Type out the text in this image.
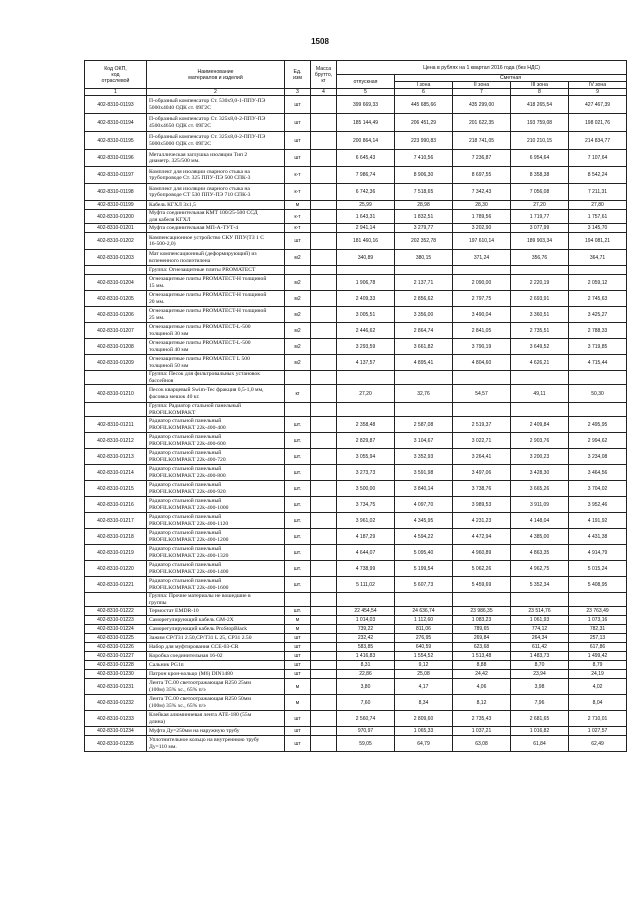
1508
Код ОКП,
код
отраслевой	Наименование
материалов и изделий	Ед.
изм	Масса
брутто,
кг	Цена в рублях на 1 квартал 2016 года (без НДС)				
				отпускная	Сметная			
					I зона	II зона	III зона	IV зона
1	2	3	4	5	6	7	8	9
402-8310-01193	П-образный компенсатор Ст. 530х9,0-1-ППУ-ПЭ
5000х4040 ОДК ст. 09Г2С	шт		399 669,33	445 685,66	435 299,00	418 265,54	427 467,39
402-8310-01194	П-образный компенсатор Ст. 325х8,0-2-ППУ-ПЭ
4500х4650 ОДК ст. 09Г2С	шт		185 144,49	206 451,29	201 622,35	193 759,08	198 021,76
402-8310-01195	П-образный компенсатор Ст. 325х8,0-2-ППУ-ПЭ
5000х5000 ОДК ст. 09Г2С	шт		200 864,14	223 990,83	218 741,05	210 210,15	214 834,77
402-8310-01196	Металлическая заглушка изоляции Тип 2
диаметр. 325/500 мм.	шт		6 645,43	7 410,56	7 236,87	6 954,64	7 107,64
402-8310-01197	Комплект для изоляции сварного стыка на
трубопроводе Ст. 325 ППУ-ПЭ 500 СПК-3	к-т		7 986,74	8 906,30	8 697,55	8 358,38	8 542,24
402-8310-01198	Комплект для изоляции сварного стыка на
трубопроводе СТ 530 ППУ-ПЭ 710 СПК-3	к-т		6 742,36	7 518,65	7 342,43	7 056,08	7 211,31
402-8310-01199	Кабель КГХЛ 3х1,5	м		25,99	28,98	28,30	27,20	27,80
402-8310-01200	Муфта соединительная КМТ 100/25-500 ССД
для кабеля КГХЛ	к-т		1 643,31	1 832,51	1 789,56	1 719,77	1 757,61
402-8310-01201	Муфта соединительная МП-А-ТУТ-4	к-т		2 941,14	3 279,77	3 202,90	3 077,99	3 145,70
402-8310-01202	Компенсационное устройство СКУ ППУ(ТЗ 1 С
16-500-2,0)	шт		181 460,16	202 352,78	197 610,14	189 903,34	194 081,21
402-8310-01203	Мат компенсационный (деформирующий) из
вспененного полиэтилена	м2		340,89	380,15	371,24	356,76	364,71
	Группа: Огнезащитные плиты PROMATECT							
402-8310-01204	Огнезащитные плиты PROMATECT-H толщиной
15 мм.	м2		1 906,78	2 137,71	2 090,00	2 220,19	2 059,12
402-8310-01205	Огнезащитные плиты PROMATECT-H толщиной
20 мм.	м2		2 409,33	2 856,62	2 797,75	2 693,91	2 745,63
402-8310-01206	Огнезащитные плиты PROMATECT-H толщиной
25 мм.	м2		3 005,51	3 356,00	3 490,04	3 360,51	3 425,27
402-8310-01207	Огнезащитные плиты PROMATECT-L-500
толщиной 30 мм	м2		2 446,62	2 864,74	2 841,05	2 735,51	2 788,33
402-8310-01208	Огнезащитные плиты PROMATECT-L-500
толщиной 40 мм	м2		3 293,59	3 661,82	3 790,19	3 649,52	3 719,85
402-8310-01209	Огнезащитные плиты PROMATECT L 500
толщиной 50 мм	м2		4 137,57	4 895,41	4 804,60	4 626,21	4 715,44
	Группа: Песок для фильтровальных установок
бассейнов							
402-8310-01210	Песок кварцевый Swim-Tec фракция 0,5-1,0 мм,
фасовка мешок 40 кг.	кг		27,20	32,76	54,57	49,11	50,30
	Группа: Радиатор стальной панельный
PROFILKOMPAKT							
402-8310-01211	Радиатор стальной панельный
PROFILKOMPAKT 22k-400-400	шт.		2 358,48	2 587,08	2 519,37	2 409,84	2 495,95
402-8310-01212	Радиатор стальной панельный
PROFILKOMPAKT 22k-400-600	шт.		2 829,87	3 104,67	3 022,71	2 903,76	2 994,62
402-8310-01213	Радиатор стальной панельный
PROFILKOMPAKT 22k-400-720	шт.		3 055,94	3 352,93	3 264,41	3 200,23	3 234,08
402-8310-01214	Радиатор стальной панельный
PROFILKOMPAKT 22k-400-800	шт.		3 273,73	3 591,98	3 497,06	3 428,30	3 464,56
402-8310-01215	Радиатор стальной панельный
PROFILKOMPAKT 22k-400-920	шт.		3 500,00	3 840,14	3 738,76	3 665,26	3 704,02
402-8310-01216	Радиатор стальной панельный
PROFILKOMPAKT 22k-400-1000	шт.		3 734,75	4 097,70	3 989,53	3 911,09	3 952,46
402-8310-01217	Радиатор стальной панельный
PROFILKOMPAKT 22k-400-1120	шт.		3 961,02	4 345,95	4 231,23	4 148,04	4 191,92
402-8310-01218	Радиатор стальной панельный
PROFILKOMPAKT 22k-400-1200	шт.		4 187,29	4 594,22	4 472,94	4 385,00	4 431,38
402-8310-01219	Радиатор стальной панельный
PROFILKOMPAKT 22k-400-1320	шт.		4 644,07	5 095,40	4 960,89	4 863,35	4 914,79
402-8310-01220	Радиатор стальной панельный
PROFILKOMPAKT 22k-400-1400	шт.		4 738,99	5 199,54	5 062,26	4 962,75	5 015,24
402-8310-01221	Радиатор стальной панельный
PROFILKOMPAKT 22k-400-1600	шт.		5 111,02	5 607,73	5 459,69	5 352,34	5 408,95
	Группа: Прочие материалы не вошедшие в
группы							
402-8310-01222	Термостат EMDR-10	шт.		22 454,54	24 636,74	23 986,35	23 514,76	23 763,49
402-8310-01223	Саморегулирующий кабель GM-2X	м		1 014,03	1 112,60	1 083,23	1 061,93	1 073,16
402-8310-01224	Саморегулирующий кабель ProStopBlack	м		739,22	811,06	789,65	774,12	782,31
402-8310-01225	Зажим CP/T31 2.50,CP/T31 L 25, CP31 2.50	шт		232,42	276,95	269,84	264,34	257,13
402-8310-01226	Набор для муфтирования CCE-03-CR	шт		583,85	640,59	623,68	611,42	617,86
402-8310-01227	Коробка соединительная 16-02	шт		1 416,83	1 554,52	1 513,48	1 483,73	1 499,42
402-8310-01228	Сальник PG1п	шт		8,31	9,12	8,88	8,70	8,79
402-8310-01230	Патрон крон-кольцо (М6) DIN1480	шт		22,86	25,08	24,42	23,94	24,19
402-8310-01231	Лента ТС.00 светоотражающая R250 25мм
(100м) 35% хс., 65% п/э	м		3,80	4,17	4,06	3,98	4,02
402-8310-01232	Лента ТС.00 светоотражающая R250 50мм
(100м) 35% хс., 65% п/э	м		7,60	8,34	8,12	7,96	8,04
402-8310-01233	Клейкая алюминиевая лента АТЕ-180 (55м
длина)	шт		2 560,74	2 809,60	2 735,43	2 681,65	2 710,01
402-8310-01234	Муфта Ду=250мм на наружную трубу	шт		970,97	1 065,33	1 037,21	1 016,82	1 027,57
402-8310-01235	Уплотнительное кольцо на внутреннюю трубу
Ду=110 мм.	шт		59,05	64,79	63,08	61,84	62,49
